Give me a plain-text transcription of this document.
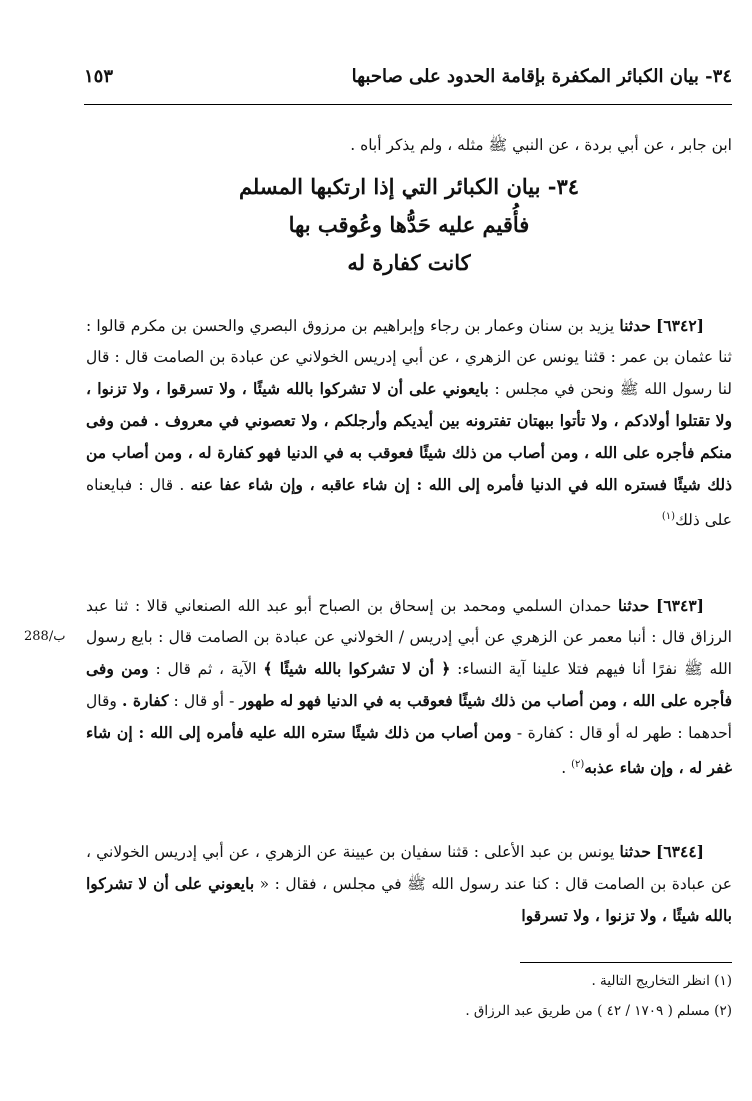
٣٤- بيان الكبائر المكفرة بإقامة الحدود على صاحبها
١٥٣

ابن جابر ، عن أبي بردة ، عن النبي ﷺ مثله ، ولم يذكر أباه .

٣٤- بيان الكبائر التي إذا ارتكبها المسلم
فأُقيم عليه حَدُّها وعُوقب بها
كانت كفارة له

[٦٣٤٢] حدثنا يزيد بن سنان وعمار بن رجاء وإبراهيم بن مرزوق البصري والحسن بن مكرم قالوا : ثنا عثمان بن عمر : قثنا يونس عن الزهري ، عن أبي إدريس الخولاني عن عبادة بن الصامت قال : قال لنا رسول الله ﷺ ونحن في مجلس : بايعوني على أن لا تشركوا بالله شيئًا ، ولا تسرقوا ، ولا تزنوا ، ولا تقتلوا أولادكم ، ولا تأتوا ببهتان تفترونه بين أيديكم وأرجلكم ، ولا تعصوني في معروف . فمن وفى منكم فأجره على الله ، ومن أصاب من ذلك شيئًا فعوقب به في الدنيا فهو كفارة له ، ومن أصاب من ذلك شيئًا فستره الله في الدنيا فأمره إلى الله : إن شاء عاقبه ، وإن شاء عفا عنه . قال : فبايعناه على ذلك$^{(١)}$

288/ب

[٦٣٤٣] حدثنا حمدان السلمي ومحمد بن إسحاق بن الصباح أبو عبد الله الصنعاني قالا : ثنا عبد الرزاق قال : أنبا معمر عن الزهري عن أبي إدريس / الخولاني عن عبادة بن الصامت قال : بايع رسول الله ﷺ نفرًا أنا فيهم فتلا علينا آية النساء: ﴿ أن لا تشركوا بالله شيئًا ﴾ الآية ، ثم قال : ومن وفى فأجره على الله ، ومن أصاب من ذلك شيئًا فعوقب به في الدنيا فهو له طهور - أو قال : كفارة . وقال أحدهما : طهر له أو قال : كفارة - ومن أصاب من ذلك شيئًا ستره الله عليه فأمره إلى الله : إن شاء غفر له ، وإن شاء عذبه$^{(٢)}$ .

[٦٣٤٤] حدثنا يونس بن عبد الأعلى : قثنا سفيان بن عيينة عن الزهري ، عن أبي إدريس الخولاني ، عن عبادة بن الصامت قال : كنا عند رسول الله ﷺ في مجلس ، فقال : « بايعوني على أن لا تشركوا بالله شيئًا ، ولا تزنوا ، ولا تسرقوا

(١) انظر التخاريج التالية .
(٢) مسلم ( ١٧٠٩ / ٤٢ ) من طريق عبد الرزاق .
